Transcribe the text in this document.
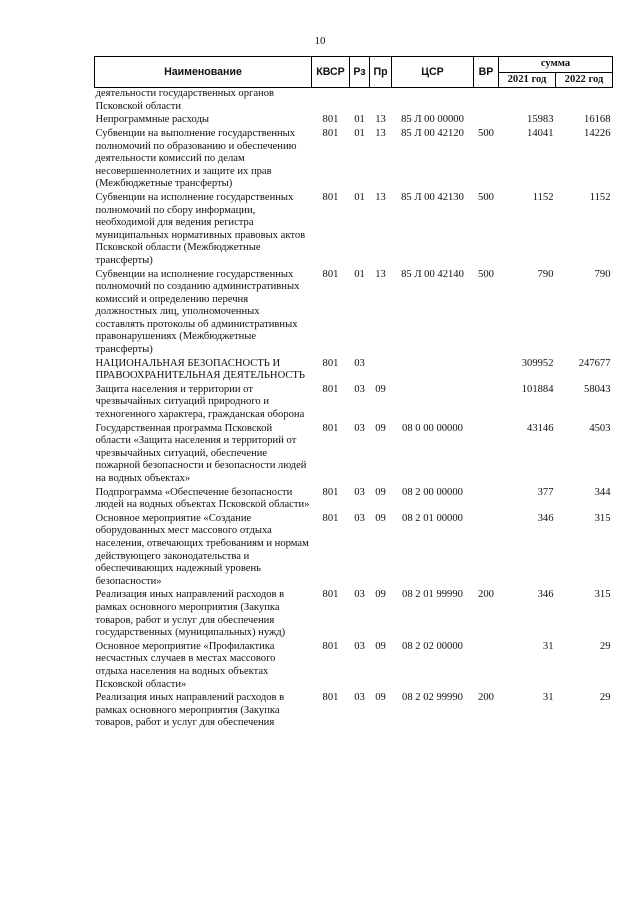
10
Наименование	КВСР	Рз	Пр	ЦСР	ВР	сумма	
						2021 год	2022 год
деятельности государственных органов Псковской области							
Непрограммные расходы	801	01	13	85 Л 00 00000		15983	16168
Субвенции на выполнение государственных полномочий по образованию и обеспечению деятельности комиссий по делам несовершеннолетних и защите их прав (Межбюджетные трансферты)	801	01	13	85 Л 00 42120	500	14041	14226
Субвенции на исполнение государственных полномочий по сбору информации, необходимой для ведения регистра муниципальных нормативных правовых актов Псковской области (Межбюджетные трансферты)	801	01	13	85 Л 00 42130	500	1152	1152
Субвенции на исполнение государственных полномочий по созданию административных комиссий и определению перечня должностных лиц, уполномоченных составлять протоколы об административных правонарушениях (Межбюджетные трансферты)	801	01	13	85 Л 00 42140	500	790	790
НАЦИОНАЛЬНАЯ БЕЗОПАСНОСТЬ И ПРАВООХРАНИТЕЛЬНАЯ ДЕЯТЕЛЬНОСТЬ	801	03				309952	247677
Защита населения и территории от чрезвычайных ситуаций природного и техногенного характера, гражданская оборона	801	03	09			101884	58043
Государственная программа Псковской области «Защита населения и территорий от чрезвычайных ситуаций, обеспечение пожарной безопасности и безопасности людей на водных объектах»	801	03	09	08 0 00 00000		43146	4503
Подпрограмма «Обеспечение безопасности людей на водных объектах Псковской области»	801	03	09	08 2 00 00000		377	344
Основное мероприятие «Создание оборудованных мест массового отдыха населения, отвечающих требованиям и нормам действующего законодательства и обеспечивающих надежный уровень безопасности»	801	03	09	08 2 01 00000		346	315
Реализация иных направлений расходов в рамках основного мероприятия (Закупка товаров, работ и услуг для обеспечения государственных (муниципальных) нужд)	801	03	09	08 2 01 99990	200	346	315
Основное мероприятие «Профилактика несчастных случаев в местах массового отдыха населения на водных объектах Псковской области»	801	03	09	08 2 02 00000		31	29
Реализация иных направлений расходов в рамках основного мероприятия (Закупка товаров, работ и услуг для обеспечения	801	03	09	08 2 02 99990	200	31	29
